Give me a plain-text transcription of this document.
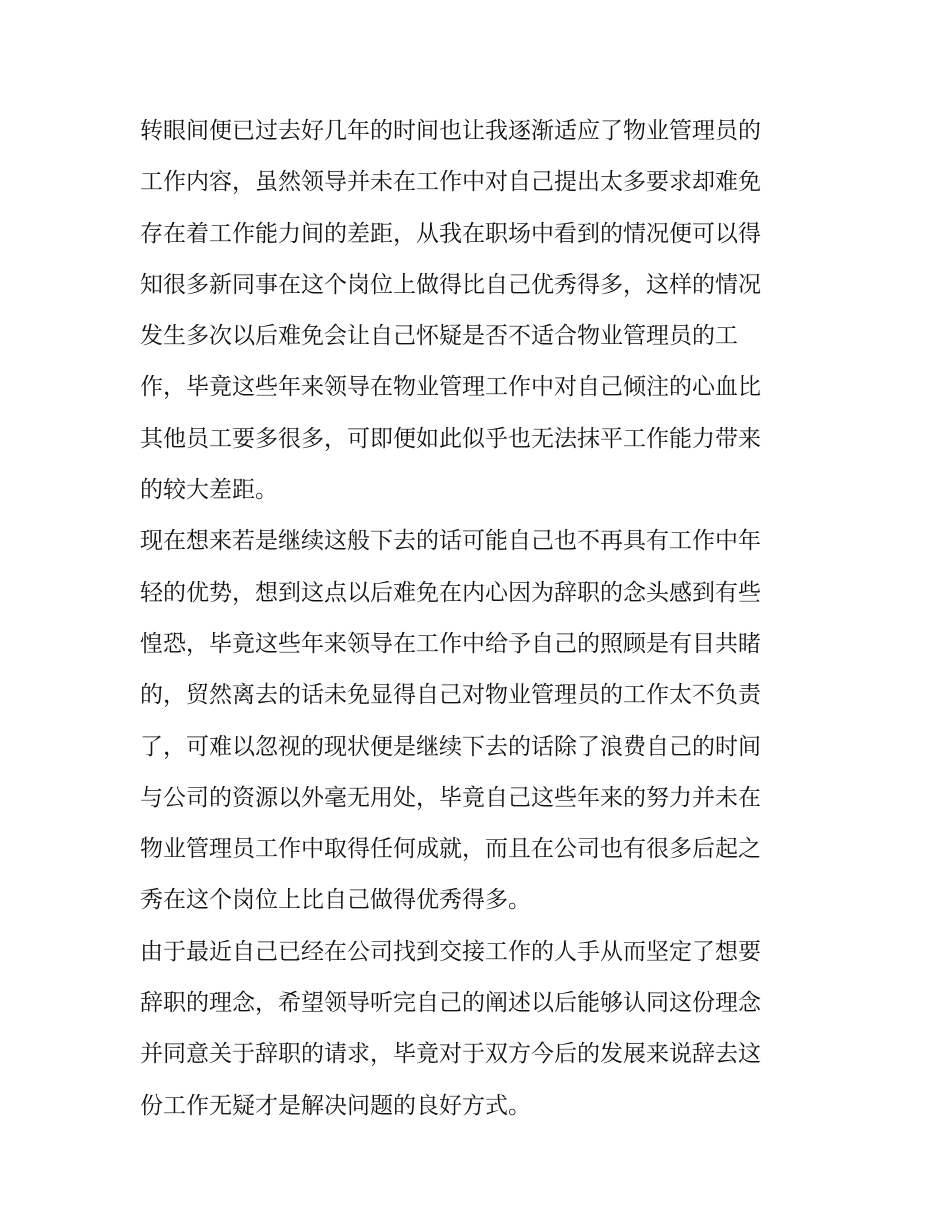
转眼间便已过去好几年的时间也让我逐渐适应了物业管理员的
工作内容，虽然领导并未在工作中对自己提出太多要求却难免
存在着工作能力间的差距，从我在职场中看到的情况便可以得
知很多新同事在这个岗位上做得比自己优秀得多，这样的情况
发生多次以后难免会让自己怀疑是否不适合物业管理员的工
作，毕竟这些年来领导在物业管理工作中对自己倾注的心血比
其他员工要多很多，可即便如此似乎也无法抹平工作能力带来
的较大差距。
现在想来若是继续这般下去的话可能自己也不再具有工作中年
轻的优势，想到这点以后难免在内心因为辞职的念头感到有些
惶恐，毕竟这些年来领导在工作中给予自己的照顾是有目共睹
的，贸然离去的话未免显得自己对物业管理员的工作太不负责
了，可难以忽视的现状便是继续下去的话除了浪费自己的时间
与公司的资源以外毫无用处，毕竟自己这些年来的努力并未在
物业管理员工作中取得任何成就，而且在公司也有很多后起之
秀在这个岗位上比自己做得优秀得多。
由于最近自己已经在公司找到交接工作的人手从而坚定了想要
辞职的理念，希望领导听完自己的阐述以后能够认同这份理念
并同意关于辞职的请求，毕竟对于双方今后的发展来说辞去这
份工作无疑才是解决问题的良好方式。
